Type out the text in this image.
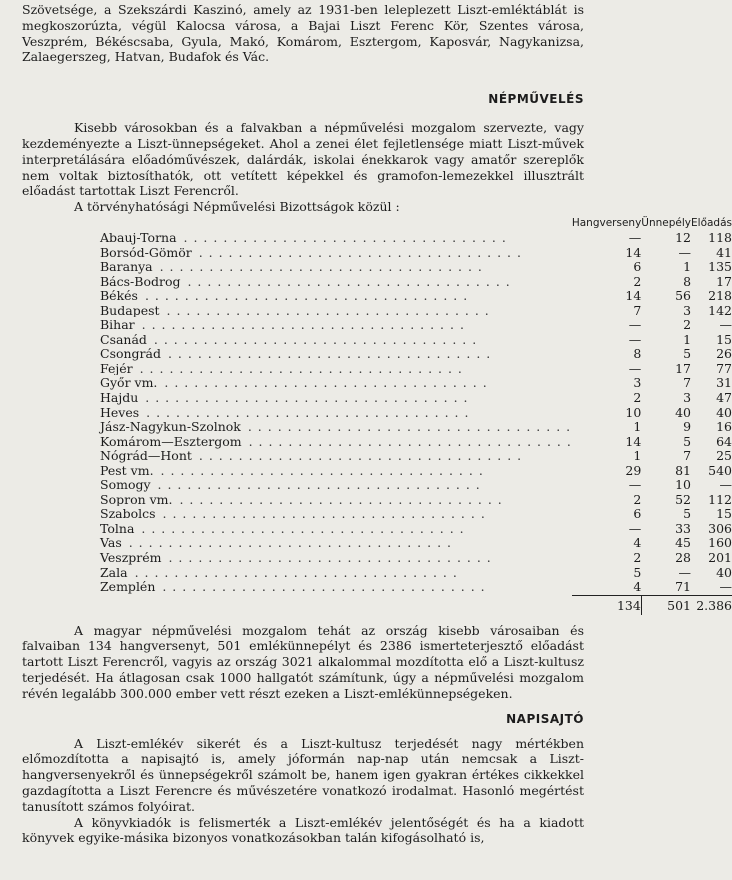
Szövetsége, a Szekszárdi Kaszinó, amely az 1931-ben leleplezett Liszt-emléktáblát is megkoszorúzta, végül Kalocsa városa, a Bajai Liszt Ferenc Kör, Szentes városa, Veszprém, Békéscsaba, Gyula, Makó, Komárom, Esztergom, Kaposvár, Nagykanizsa, Zalaegerszeg, Hatvan, Budafok és Vác.

NÉPMŰVELÉS

Kisebb városokban és a falvakban a népművelési mozgalom szervezte, vagy kezdeményezte a Liszt-ünnepségeket. Ahol a zenei élet fejletlensége miatt Liszt-művek interpretálására előadóművészek, dalárdák, iskolai énekkarok vagy amatőr szereplők nem voltak biztosíthatók, ott vetített képekkel és gramofon-lemezekkel illusztrált előadást tartottak Liszt Ferencről.

A törvényhatósági Népművelési Bizottságok közül :

	Hangverseny	Ünnepély	Előadás
Abauj-Torna . . . . . . . . . . . . . . . . . . . . . . . . . . . . . . . . .	—	12	118
Borsód-Gömör . . . . . . . . . . . . . . . . . . . . . . . . . . . . . . . . .	14	—	41
Baranya . . . . . . . . . . . . . . . . . . . . . . . . . . . . . . . . .	6	1	135
Bács-Bodrog . . . . . . . . . . . . . . . . . . . . . . . . . . . . . . . . .	2	8	17
Békés . . . . . . . . . . . . . . . . . . . . . . . . . . . . . . . . .	14	56	218
Budapest . . . . . . . . . . . . . . . . . . . . . . . . . . . . . . . . .	7	3	142
Bihar . . . . . . . . . . . . . . . . . . . . . . . . . . . . . . . . .	—	2	—
Csanád . . . . . . . . . . . . . . . . . . . . . . . . . . . . . . . . .	—	1	15
Csongrád . . . . . . . . . . . . . . . . . . . . . . . . . . . . . . . . .	8	5	26
Fejér . . . . . . . . . . . . . . . . . . . . . . . . . . . . . . . . .	—	17	77
Győr vm. . . . . . . . . . . . . . . . . . . . . . . . . . . . . . . . . .	3	7	31
Hajdu . . . . . . . . . . . . . . . . . . . . . . . . . . . . . . . . .	2	3	47
Heves . . . . . . . . . . . . . . . . . . . . . . . . . . . . . . . . .	10	40	40
Jász-Nagykun-Szolnok . . . . . . . . . . . . . . . . . . . . . . . . . . . . . . . . .	1	9	16
Komárom—Esztergom . . . . . . . . . . . . . . . . . . . . . . . . . . . . . . . . .	14	5	64
Nógrád—Hont . . . . . . . . . . . . . . . . . . . . . . . . . . . . . . . . .	1	7	25
Pest vm. . . . . . . . . . . . . . . . . . . . . . . . . . . . . . . . . .	29	81	540
Somogy . . . . . . . . . . . . . . . . . . . . . . . . . . . . . . . . .	—	10	—
Sopron vm. . . . . . . . . . . . . . . . . . . . . . . . . . . . . . . . . .	2	52	112
Szabolcs . . . . . . . . . . . . . . . . . . . . . . . . . . . . . . . . .	6	5	15
Tolna . . . . . . . . . . . . . . . . . . . . . . . . . . . . . . . . .	—	33	306
Vas . . . . . . . . . . . . . . . . . . . . . . . . . . . . . . . . .	4	45	160
Veszprém . . . . . . . . . . . . . . . . . . . . . . . . . . . . . . . . .	2	28	201
Zala . . . . . . . . . . . . . . . . . . . . . . . . . . . . . . . . .	5	—	40
Zemplén . . . . . . . . . . . . . . . . . . . . . . . . . . . . . . . . .	4	71	—
	134	501	2.386

A magyar népművelési mozgalom tehát az ország kisebb városaiban és falvaiban 134 hangversenyt, 501 emlékünnepélyt és 2386 ismerteterjesztő előadást tartott Liszt Ferencről, vagyis az ország 3021 alkalommal mozdította elő a Liszt-kultusz terjedését. Ha átlagosan csak 1000 hallgatót számítunk, úgy a népművelési mozgalom révén legalább 300.000 ember vett részt ezeken a Liszt-emlékünnepségeken.

NAPISAJTÓ

A Liszt-emlékév sikerét és a Liszt-kultusz terjedését nagy mértékben előmozdította a napisajtó is, amely jóformán nap-nap után nemcsak a Liszt-hangversenyekről és ünnepségekről számolt be, hanem igen gyakran értékes cikkekkel gazdagította a Liszt Ferencre és művészetére vonatkozó irodalmat. Hasonló megértést tanusított számos folyóirat.

A könyvkiadók is felismerték a Liszt-emlékév jelentőségét és ha a kiadott könyvek egyike-másika bizonyos vonatkozásokban talán kifogásolható is,
